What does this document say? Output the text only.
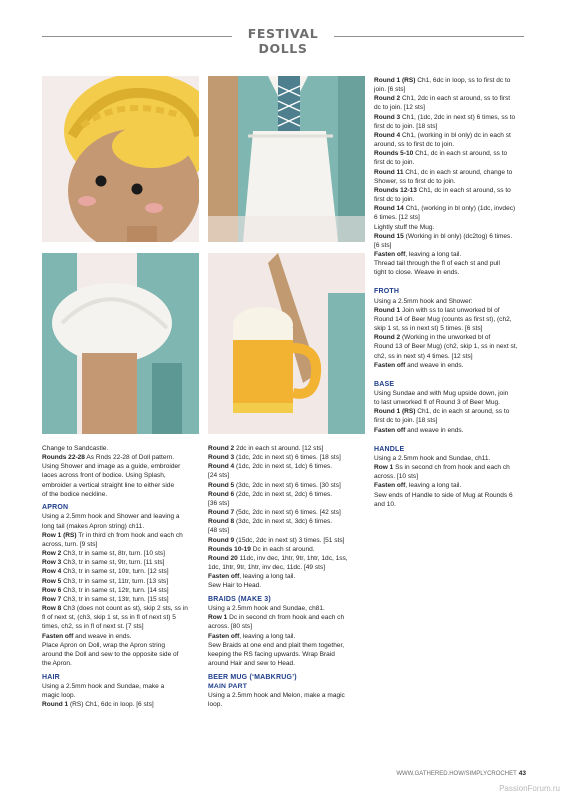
FESTIVAL DOLLS

Change to Sandcastle.

Rounds 22-28 As Rnds 22-28 of Doll pattern.

Using Shower and image as a guide, embroider

laces across front of bodice. Using Splash,

embroider a vertical straight line to either side

of the bodice neckline.

APRON

Using a 2.5mm hook and Shower and leaving a

long tail (makes Apron string) ch11.

Row 1 (RS) Tr in third ch from hook and each ch

across, turn. [9 sts]

Row 2 Ch3, tr in same st, 8tr, turn. [10 sts]

Row 3 Ch3, tr in same st, 9tr, turn. [11 sts]

Row 4 Ch3, tr in same st, 10tr, turn. [12 sts]

Row 5 Ch3, tr in same st, 11tr, turn. [13 sts]

Row 6 Ch3, tr in same st, 12tr, turn. [14 sts]

Row 7 Ch3, tr in same st, 13tr, turn. [15 sts]

Row 8 Ch3 (does not count as st), skip 2 sts, ss in

fl of next st, (ch3, skip 1 st, ss in fl of next st) 5

times, ch2, ss in fl of next st. [7 sts]

Fasten off and weave in ends.

Place Apron on Doll, wrap the Apron string

around the Doll and sew to the opposite side of

the Apron.

HAIR

Using a 2.5mm hook and Sundae, make a

magic loop.

Round 1 (RS) Ch1, 6dc in loop. [6 sts]

Round 2 2dc in each st around. [12 sts]

Round 3 (1dc, 2dc in next st) 6 times. [18 sts]

Round 4 (1dc, 2dc in next st, 1dc) 6 times.

[24 sts]

Round 5 (3dc, 2dc in next st) 6 times. [30 sts]

Round 6 (2dc, 2dc in next st, 2dc) 6 times.

[36 sts]

Round 7 (5dc, 2dc in next st) 6 times. [42 sts]

Round 8 (3dc, 2dc in next st, 3dc) 6 times.

[48 sts]

Round 9 (15dc, 2dc in next st) 3 times. [51 sts]

Rounds 10-19 Dc in each st around.

Round 20 11dc, inv dec, 1htr, 9tr, 1htr, 1dc, 1ss,

1dc, 1htr, 9tr, 1htr, inv dec, 11dc. [49 sts]

Fasten off, leaving a long tail.

Sew Hair to Head.

BRAIDS (MAKE 3)

Using a 2.5mm hook and Sundae, ch81.

Row 1 Dc in second ch from hook and each ch

across. [80 sts]

Fasten off, leaving a long tail.

Sew Braids at one end and plait them together,

keeping the RS facing upwards. Wrap Braid

around Hair and sew to Head.

BEER MUG (‘MABKRUG’)

MAIN PART

Using a 2.5mm hook and Melon, make a magic

loop.

Round 1 (RS) Ch1, 6dc in loop, ss to first dc to

join. [6 sts]

Round 2 Ch1, 2dc in each st around, ss to first

dc to join. [12 sts]

Round 3 Ch1, (1dc, 2dc in next st) 6 times, ss to

first dc to join. [18 sts]

Round 4 Ch1, (working in bl only) dc in each st

around, ss to first dc to join.

Rounds 5-10 Ch1, dc in each st around, ss to

first dc to join.

Round 11 Ch1, dc in each st around, change to

Shower, ss to first dc to join.

Rounds 12-13 Ch1, dc in each st around, ss to

first dc to join.

Round 14 Ch1, (working in bl only) (1dc, invdec)

6 times. [12 sts]

Lightly stuff the Mug.

Round 15 (Working in bl only) (dc2tog) 6 times.

[6 sts]

Fasten off, leaving a long tail.

Thread tail through the fl of each st and pull

tight to close. Weave in ends.

FROTH

Using a 2.5mm hook and Shower:

Round 1 Join with ss to last unworked bl of

Round 14 of Beer Mug (counts as first st), (ch2,

skip 1 st, ss in next st) 5 times. [6 sts]

Round 2 (Working in the unworked bl of

Round 13 of Beer Mug) (ch2, skip 1, ss in next st,

ch2, ss in next st) 4 times. [12 sts]

Fasten off and weave in ends.

BASE

Using Sundae and with Mug upside down, join

to last unworked fl of Round 3 of Beer Mug.

Round 1 (RS) Ch1, dc in each st around, ss to

first dc to join. [18 sts]

Fasten off and weave in ends.

HANDLE

Using a 2.5mm hook and Sundae, ch11.

Row 1 Ss in second ch from hook and each ch

across. [10 sts]

Fasten off, leaving a long tail.

Sew ends of Handle to side of Mug at Rounds 6

and 10.

WWW.GATHERED.HOW/SIMPLYCROCHET 43
PassionForum.ru
